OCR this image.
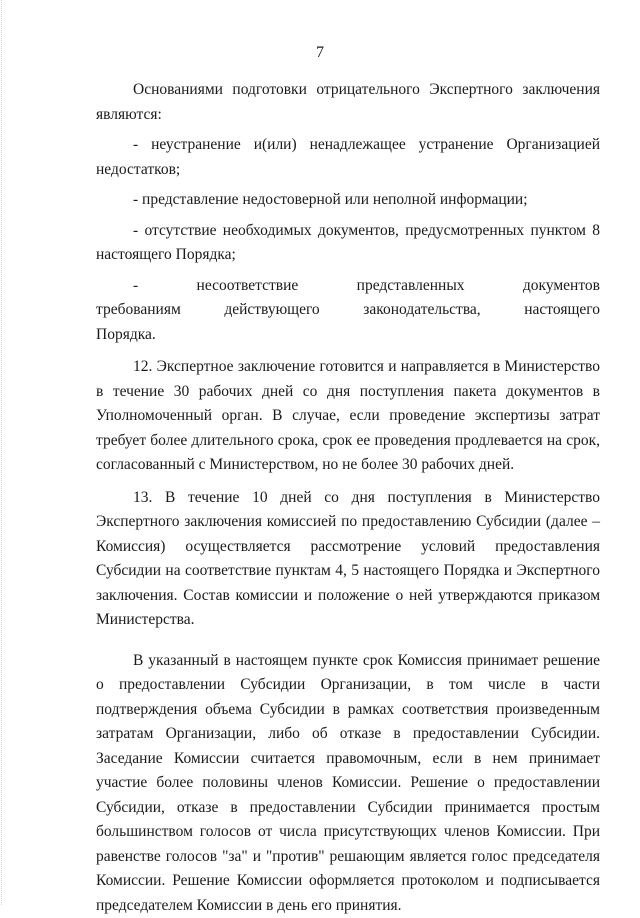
7

Основаниями подготовки отрицательного Экспертного заключения являются:

- неустранение и(или) ненадлежащее устранение Организацией недостатков;

- представление недостоверной или неполной информации;

- отсутствие необходимых документов, предусмотренных пунктом 8 настоящего Порядка;

- несоответствие представленных документов требованиям действующего законодательства, настоящего Порядка.

12. Экспертное заключение готовится и направляется в Министерство в течение 30 рабочих дней со дня поступления пакета документов в Уполномоченный орган. В случае, если проведение экспертизы затрат требует более длительного срока, срок ее проведения продлевается на срок, согласованный с Министерством, но не более 30 рабочих дней.

13. В течение 10 дней со дня поступления в Министерство Экспертного заключения комиссией по предоставлению Субсидии (далее – Комиссия) осуществляется рассмотрение условий предоставления Субсидии на соответствие пунктам 4, 5 настоящего Порядка и Экспертного заключения. Состав комиссии и положение о ней утверждаются приказом Министерства.

В указанный в настоящем пункте срок Комиссия принимает решение о предоставлении Субсидии Организации, в том числе в части подтверждения объема Субсидии в рамках соответствия произведенным затратам Организации, либо об отказе в предоставлении Субсидии. Заседание Комиссии считается правомочным, если в нем принимает участие более половины членов Комиссии. Решение о предоставлении Субсидии, отказе в предоставлении Субсидии принимается простым большинством голосов от числа присутствующих членов Комиссии. При равенстве голосов "за" и "против" решающим является голос председателя Комиссии. Решение Комиссии оформляется протоколом и подписывается председателем Комиссии в день его принятия.
